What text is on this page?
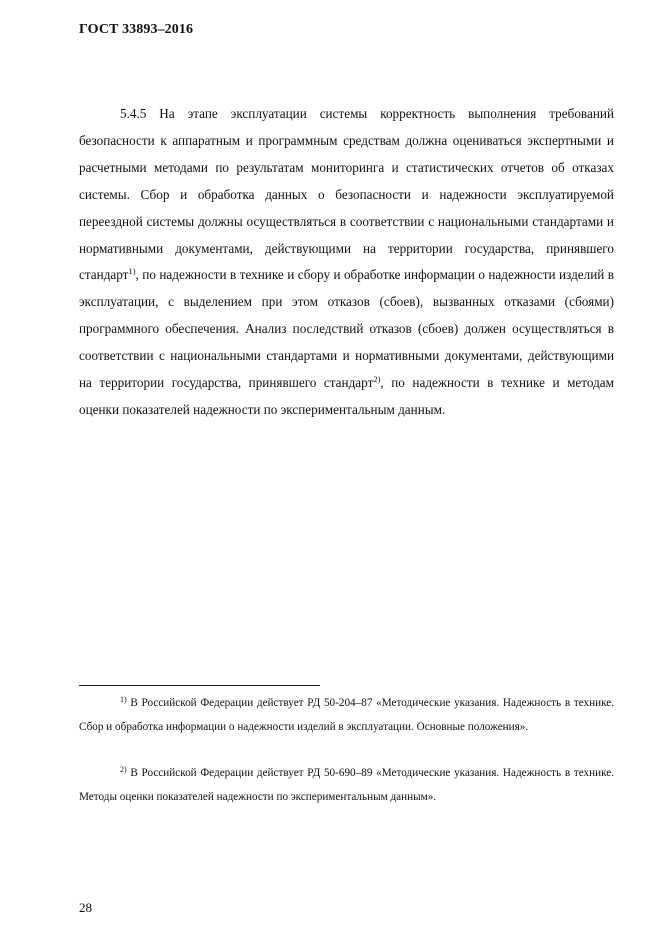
ГОСТ 33893–2016

5.4.5 На этапе эксплуатации системы корректность выполнения требований безопасности к аппаратным и программным средствам должна оцениваться экспертными и расчетными методами по результатам мониторинга и статистических отчетов об отказах системы. Сбор и обработка данных о безопасности и надежности эксплуатируемой переездной системы должны осуществляться в соответствии с национальными стандартами и нормативными документами, действующими на территории государства, принявшего стандарт$^{1)}$, по надежности в технике и сбору и обработке информации о надежности изделий в эксплуатации, с выделением при этом отказов (сбоев), вызванных отказами (сбоями) программного обеспечения. Анализ последствий отказов (сбоев) должен осуществляться в соответствии с национальными стандартами и нормативными документами, действующими на территории государства, принявшего стандарт$^{2)}$, по надежности в технике и методам оценки показателей надежности по экспериментальным данным.

$^{1)}$ В Российской Федерации действует РД 50-204–87 «Методические указания. Надежность в технике. Сбор и обработка информации о надежности изделий в эксплуатации. Основные положения».

$^{2)}$ В Российской Федерации действует РД 50-690–89 «Методические указания. Надежность в технике. Методы оценки показателей надежности по экспериментальным данным».

28
